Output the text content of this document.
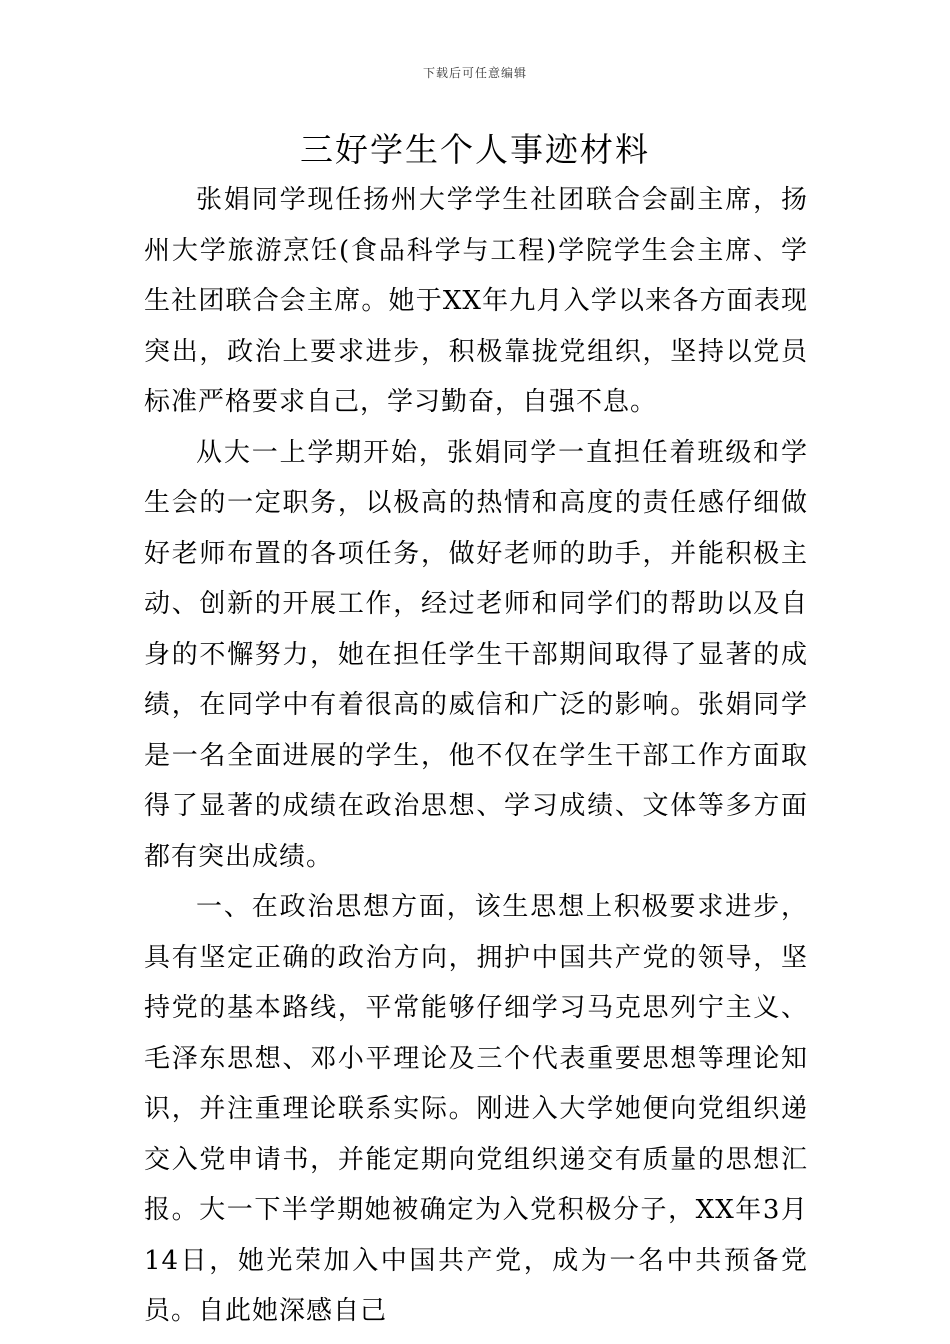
下载后可任意编辑
三好学生个人事迹材料

张娟同学现任扬州大学学生社团联合会副主席，扬州大学旅游烹饪(食品科学与工程)学院学生会主席、学生社团联合会主席。她于XX年九月入学以来各方面表现突出，政治上要求进步，积极靠拢党组织，坚持以党员标准严格要求自己，学习勤奋，自强不息。

从大一上学期开始，张娟同学一直担任着班级和学生会的一定职务，以极高的热情和高度的责任感仔细做好老师布置的各项任务，做好老师的助手，并能积极主动、创新的开展工作，经过老师和同学们的帮助以及自身的不懈努力，她在担任学生干部期间取得了显著的成绩，在同学中有着很高的威信和广泛的影响。张娟同学是一名全面进展的学生，他不仅在学生干部工作方面取得了显著的成绩在政治思想、学习成绩、文体等多方面都有突出成绩。

一、在政治思想方面，该生思想上积极要求进步，具有坚定正确的政治方向，拥护中国共产党的领导，坚持党的基本路线，平常能够仔细学习马克思列宁主义、毛泽东思想、邓小平理论及三个代表重要思想等理论知识，并注重理论联系实际。刚进入大学她便向党组织递交入党申请书，并能定期向党组织递交有质量的思想汇报。大一下半学期她被确定为入党积极分子，XX年3月14日，她光荣加入中国共产党，成为一名中共预备党员。自此她深感自己
